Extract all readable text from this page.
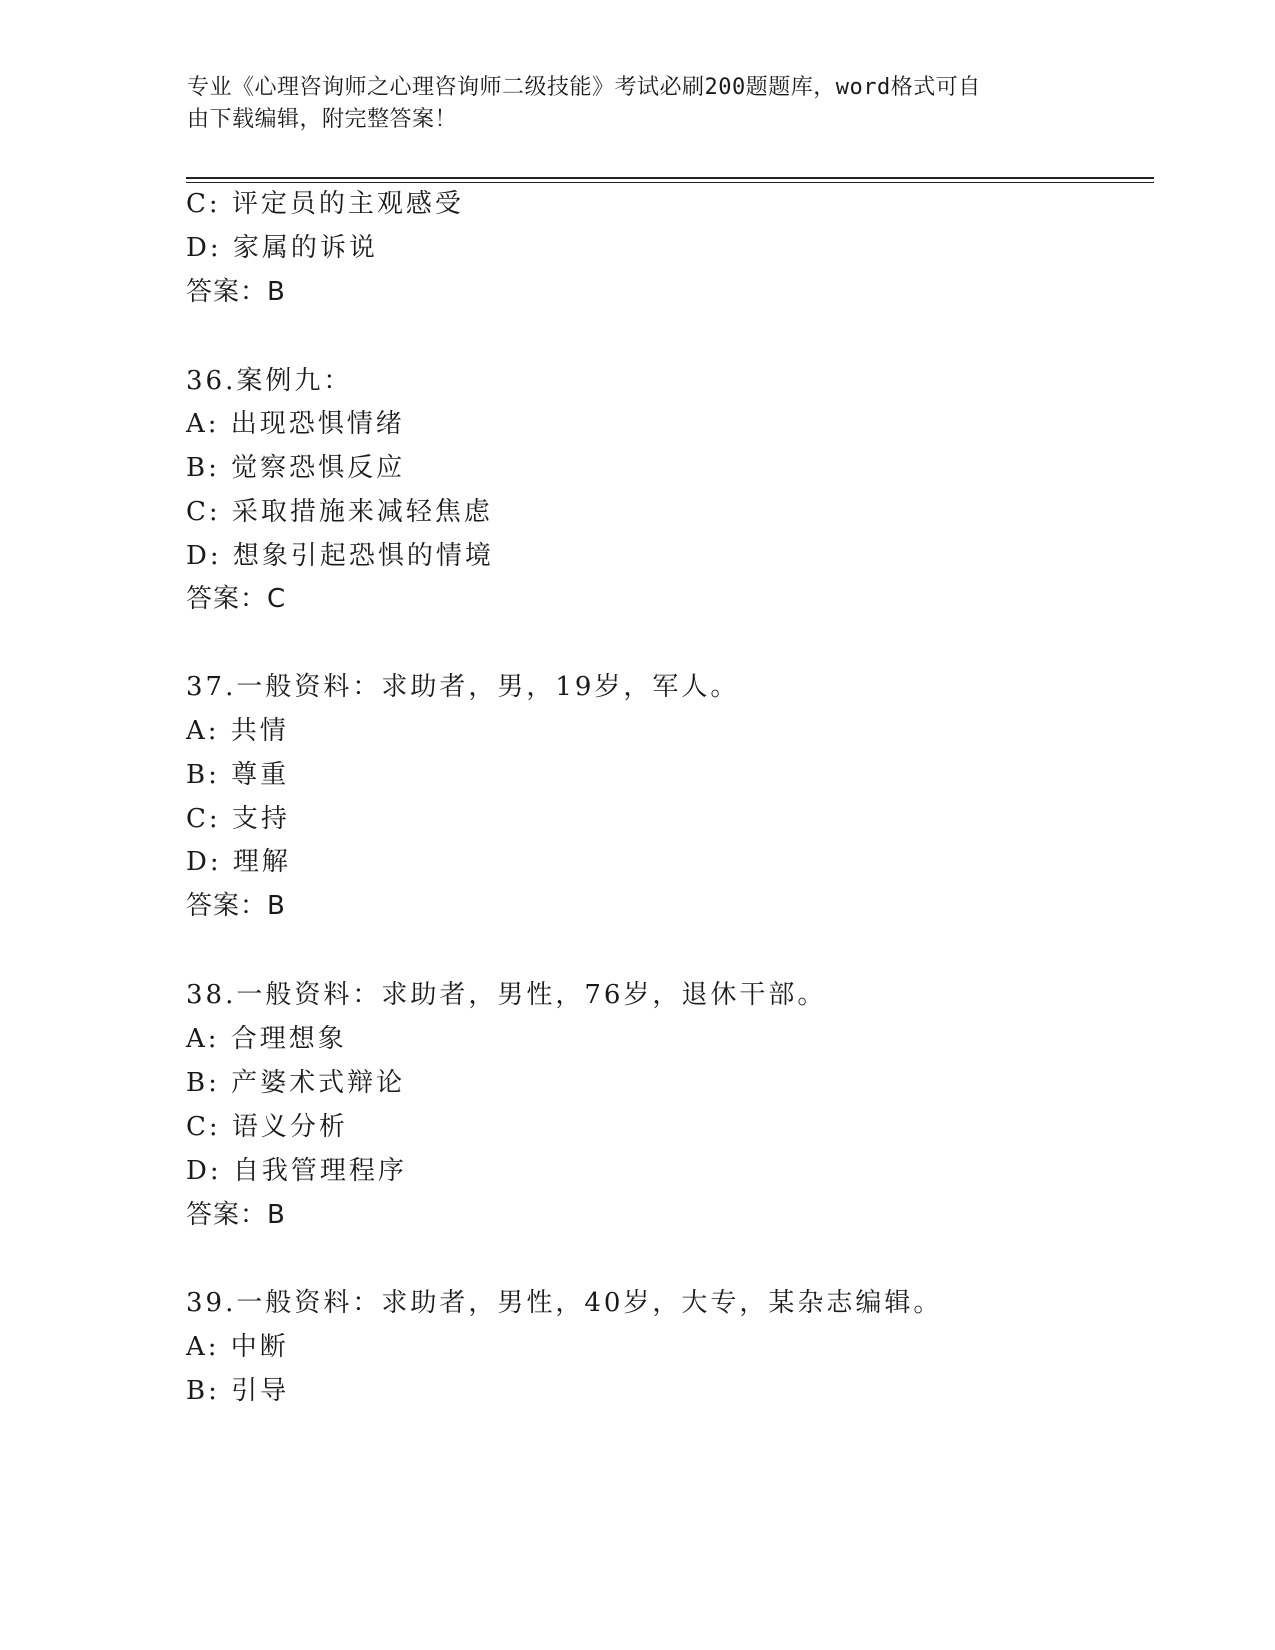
专业《心理咨询师之心理咨询师二级技能》考试必刷200题题库，word格式可自
由下载编辑，附完整答案！
C: 评定员的主观感受
D: 家属的诉说
答案：B
36.案例九：
A: 出现恐惧情绪
B: 觉察恐惧反应
C: 采取措施来减轻焦虑
D: 想象引起恐惧的情境
答案：C
37.一般资料：求助者，男，19岁，军人。
A: 共情
B: 尊重
C: 支持
D: 理解
答案：B
38.一般资料：求助者，男性，76岁，退休干部。
A: 合理想象
B: 产婆术式辩论
C: 语义分析
D: 自我管理程序
答案：B
39.一般资料：求助者，男性，40岁，大专，某杂志编辑。
A: 中断
B: 引导
